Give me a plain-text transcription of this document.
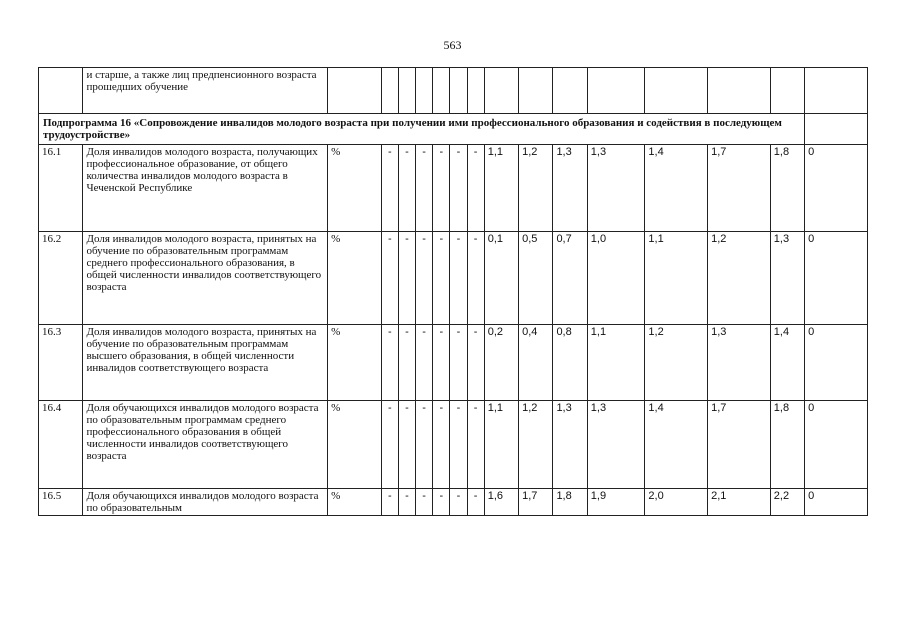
563
	и старше, а также лиц предпенсионного возраста прошедших обучение															
Подпрограмма 16 «Сопровождение инвалидов молодого возраста при получении ими профессионального образования и содействия в последующем трудоустройстве»																
16.1	Доля инвалидов молодого возраста, получающих профессиональное образование, от общего количества инвалидов молодого возраста в Чеченской Республике	%	-	-	-	-	-	-	1,1	1,2	1,3	1,3	1,4	1,7	1,8	0
16.2	Доля инвалидов молодого возраста, принятых на обучение по образовательным программам среднего профессионального образования, в общей численности инвалидов соответствующего возраста	%	-	-	-	-	-	-	0,1	0,5	0,7	1,0	1,1	1,2	1,3	0
16.3	Доля инвалидов молодого возраста, принятых на обучение по образовательным программам высшего образования, в общей численности инвалидов соответствующего возраста	%	-	-	-	-	-	-	0,2	0,4	0,8	1,1	1,2	1,3	1,4	0
16.4	Доля обучающихся инвалидов молодого возраста по образовательным программам среднего профессионального образования в общей численности инвалидов соответствующего возраста	%	-	-	-	-	-	-	1,1	1,2	1,3	1,3	1,4	1,7	1,8	0
16.5	Доля обучающихся инвалидов молодого возраста по образовательным	%	-	-	-	-	-	-	1,6	1,7	1,8	1,9	2,0	2,1	2,2	0
